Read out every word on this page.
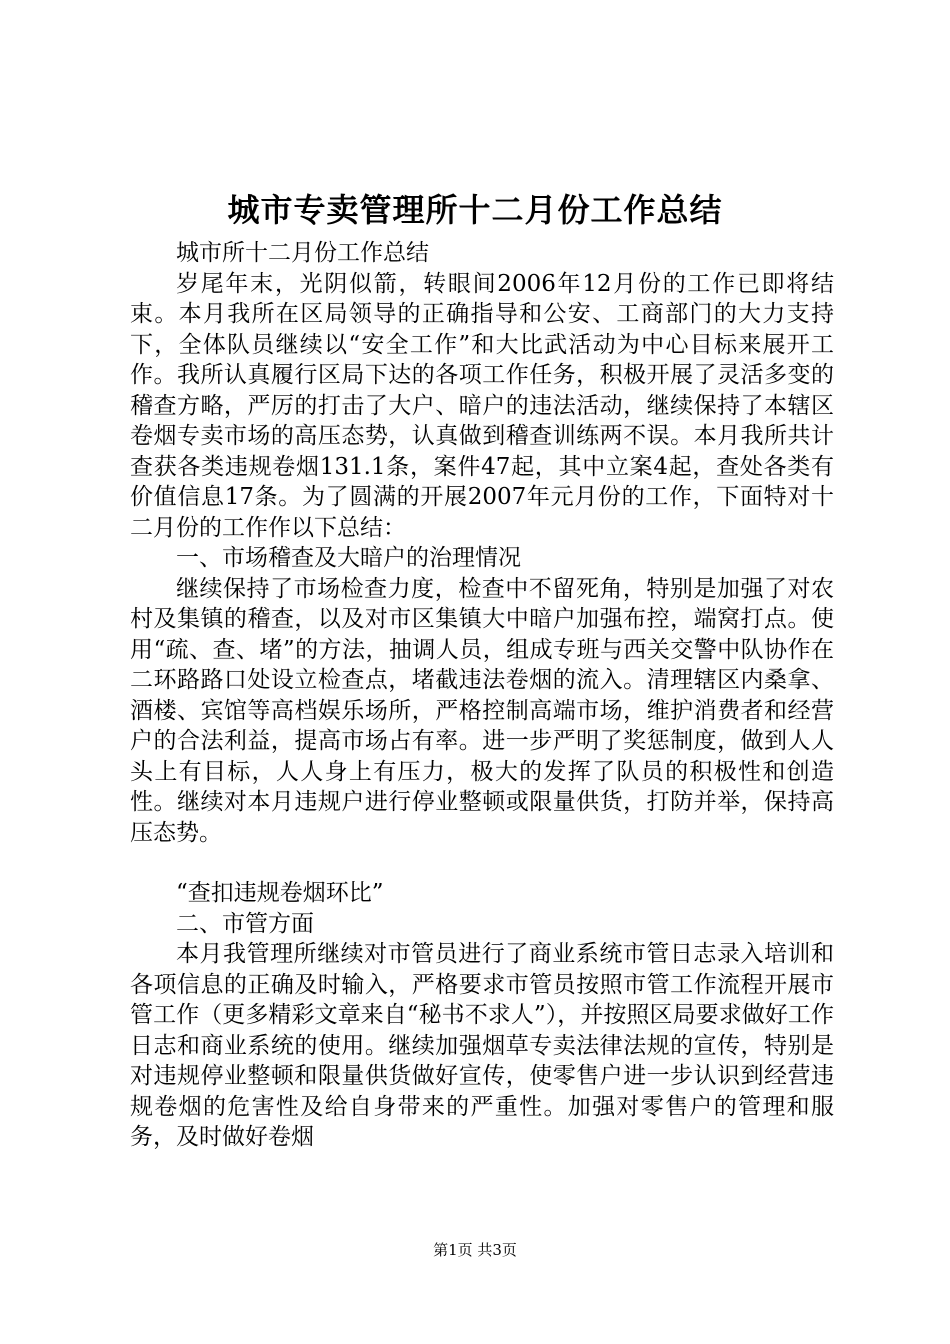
城市专卖管理所十二月份工作总结

城市所十二月份工作总结

岁尾年末，光阴似箭，转眼间2006年12月份的工作已即将结束。本月我所在区局领导的正确指导和公安、工商部门的大力支持下，全体队员继续以“安全工作”和大比武活动为中心目标来展开工作。我所认真履行区局下达的各项工作任务，积极开展了灵活多变的稽查方略，严厉的打击了大户、暗户的违法活动，继续保持了本辖区卷烟专卖市场的高压态势，认真做到稽查训练两不误。本月我所共计查获各类违规卷烟131.1条，案件47起，其中立案4起，查处各类有价值信息17条。为了圆满的开展2007年元月份的工作，下面特对十二月份的工作作以下总结：

一、市场稽查及大暗户的治理情况

继续保持了市场检查力度，检查中不留死角，特别是加强了对农村及集镇的稽查，以及对市区集镇大中暗户加强布控，端窝打点。使用“疏、查、堵”的方法，抽调人员，组成专班与西关交警中队协作在二环路路口处设立检查点，堵截违法卷烟的流入。清理辖区内桑拿、酒楼、宾馆等高档娱乐场所，严格控制高端市场，维护消费者和经营户的合法利益，提高市场占有率。进一步严明了奖惩制度，做到人人头上有目标，人人身上有压力，极大的发挥了队员的积极性和创造性。继续对本月违规户进行停业整顿或限量供货，打防并举，保持高压态势。

“查扣违规卷烟环比”

二、市管方面

本月我管理所继续对市管员进行了商业系统市管日志录入培训和各项信息的正确及时输入，严格要求市管员按照市管工作流程开展市管工作（更多精彩文章来自“秘书不求人”），并按照区局要求做好工作日志和商业系统的使用。继续加强烟草专卖法律法规的宣传，特别是对违规停业整顿和限量供货做好宣传，使零售户进一步认识到经营违规卷烟的危害性及给自身带来的严重性。加强对零售户的管理和服务，及时做好卷烟

第1页 共3页
